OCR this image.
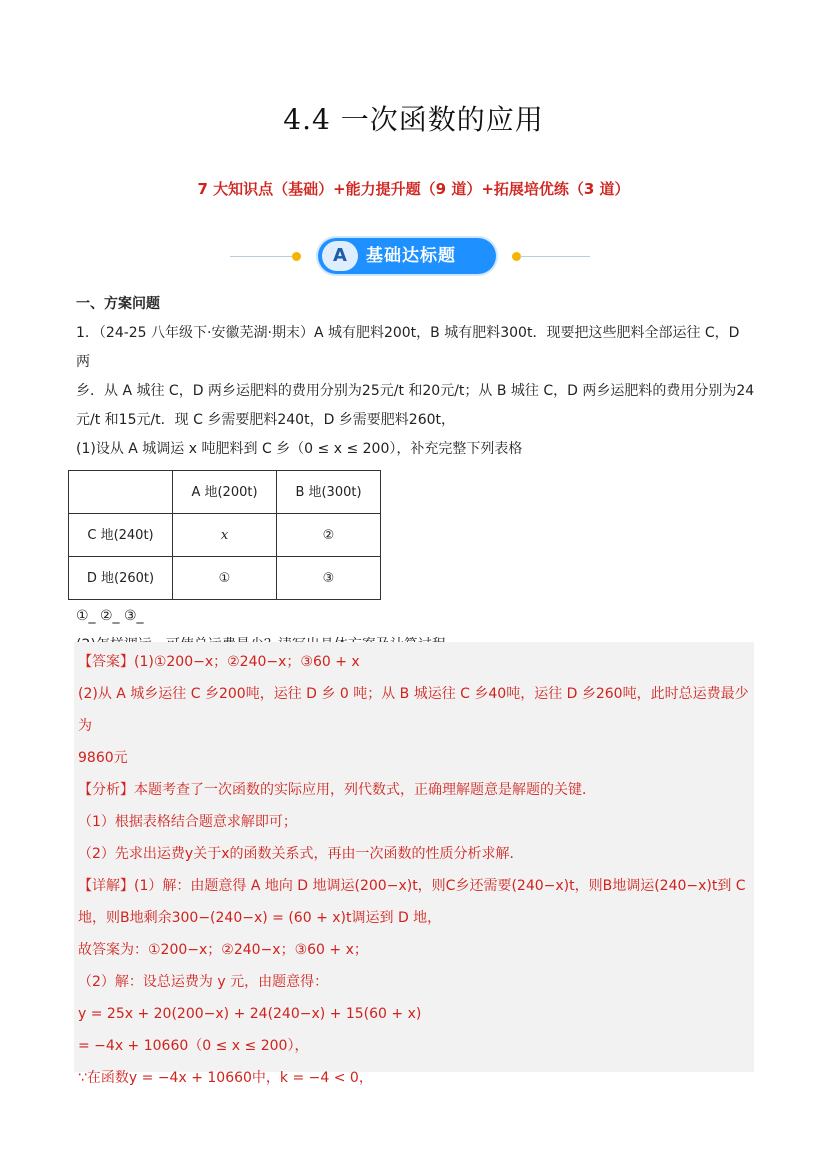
4.4 一次函数的应用
7 大知识点（基础）+能力提升题（9 道）+拓展培优练（3 道）
A	基础达标题

一、方案问题

1．（24-25 八年级下·安徽芜湖·期末）A 城有肥料200t，B 城有肥料300t．现要把这些肥料全部运往 C，D 两

乡．从 A 城往 C，D 两乡运肥料的费用分别为25元/t 和20元/t；从 B 城往 C，D 两乡运肥料的费用分别为24

元/t 和15元/t．现 C 乡需要肥料240t，D 乡需要肥料260t，

(1)设从 A 城调运 x 吨肥料到 C 乡（0 ≤ x ≤ 200），补充完整下列表格

	A 地(200t)	B 地(300t)
C 地(240t)	x	②
D 地(260t)	①	③

①_ ②_ ③_

【答案】(1)①200−x；②240−x；③60 + x

(2)从 A 城乡运往 C 乡200吨，运往 D 乡 0 吨；从 B 城运往 C 乡40吨，运往 D 乡260吨，此时总运费最少为

9860元

【分析】本题考查了一次函数的实际应用，列代数式，正确理解题意是解题的关键．

（1）根据表格结合题意求解即可；

（2）先求出运费y关于x的函数关系式，再由一次函数的性质分析求解．

【详解】(1）解：由题意得 A 地向 D 地调运(200−x)t，则C乡还需要(240−x)t，则B地调运(240−x)t到 C

地，则B地剩余300−(240−x) = (60 + x)t调运到 D 地，

故答案为：①200−x；②240−x；③60 + x；

（2）解：设总运费为 y 元，由题意得：

y = 25x + 20(200−x) + 24(240−x) + 15(60 + x)

= −4x + 10660（0 ≤ x ≤ 200），

∵在函数y = −4x + 10660中，k = −4 < 0，
